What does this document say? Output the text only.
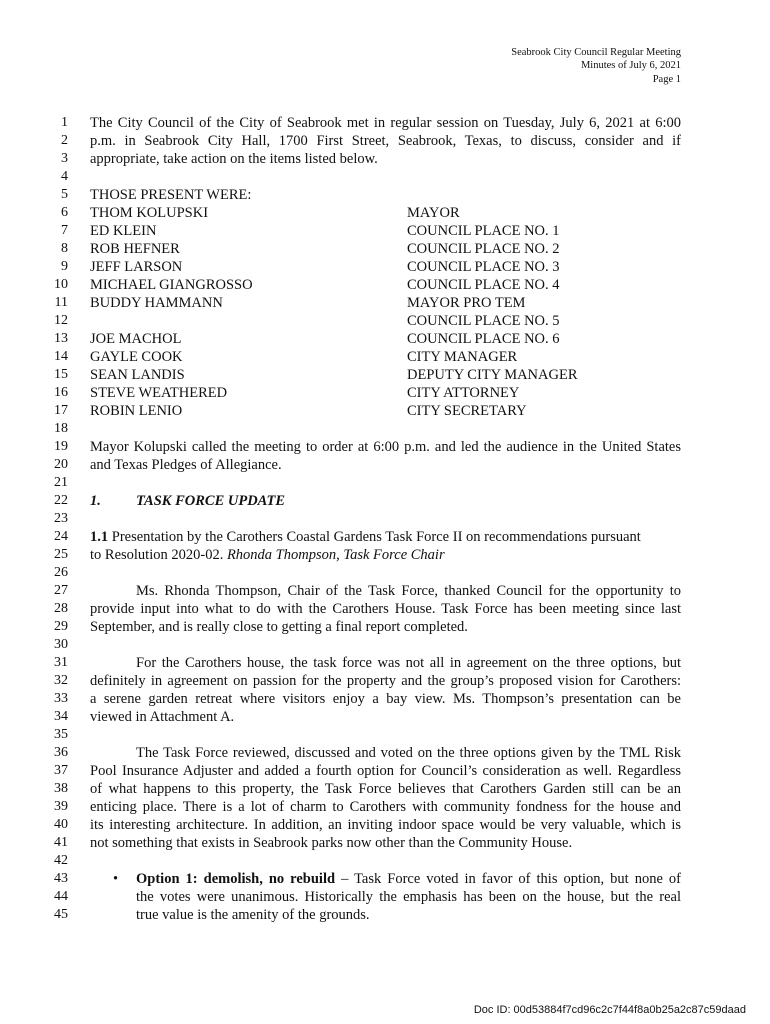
Seabrook City Council Regular Meeting
Minutes of July 6, 2021
Page 1
1 The City Council of the City of Seabrook met in regular session on Tuesday, July 6, 2021 at 6:00
2 p.m. in Seabrook City Hall, 1700 First Street, Seabrook, Texas, to discuss, consider and if
3 appropriate, take action on the items listed below.
4
5 THOSE PRESENT WERE:
6 THOM KOLUPSKI	MAYOR
7 ED KLEIN	COUNCIL PLACE NO. 1
8 ROB HEFNER	COUNCIL PLACE NO. 2
9 JEFF LARSON	COUNCIL PLACE NO. 3
10 MICHAEL GIANGROSSO	COUNCIL PLACE NO. 4
11 BUDDY HAMMANN	MAYOR PRO TEM
12	COUNCIL PLACE NO. 5
13 JOE MACHOL	COUNCIL PLACE NO. 6
14 GAYLE COOK	CITY MANAGER
15 SEAN LANDIS	DEPUTY CITY MANAGER
16 STEVE WEATHERED	CITY ATTORNEY
17 ROBIN LENIO	CITY SECRETARY
18
19 Mayor Kolupski called the meeting to order at 6:00 p.m. and led the audience in the United States
20 and Texas Pledges of Allegiance.
21
22 1. TASK FORCE UPDATE
23
24 1.1 Presentation by the Carothers Coastal Gardens Task Force II on recommendations pursuant
25 to Resolution 2020-02. Rhonda Thompson, Task Force Chair
26
27	Ms. Rhonda Thompson, Chair of the Task Force, thanked Council for the opportunity to
28 provide input into what to do with the Carothers House. Task Force has been meeting since last
29 September, and is really close to getting a final report completed.
30
31	For the Carothers house, the task force was not all in agreement on the three options, but
32 definitely in agreement on passion for the property and the group’s proposed vision for Carothers:
33 a serene garden retreat where visitors enjoy a bay view. Ms. Thompson’s presentation can be
34 viewed in Attachment A.
35
36	The Task Force reviewed, discussed and voted on the three options given by the TML Risk
37 Pool Insurance Adjuster and added a fourth option for Council’s consideration as well. Regardless
38 of what happens to this property, the Task Force believes that Carothers Garden still can be an
39 enticing place. There is a lot of charm to Carothers with community fondness for the house and
40 its interesting architecture. In addition, an inviting indoor space would be very valuable, which is
41 not something that exists in Seabrook parks now other than the Community House.
42
43	• Option 1: demolish, no rebuild – Task Force voted in favor of this option, but none of
44	the votes were unanimous. Historically the emphasis has been on the house, but the real
45	true value is the amenity of the grounds.
Doc ID: 00d53884f7cd96c2c7f44f8a0b25a2c87c59daad
